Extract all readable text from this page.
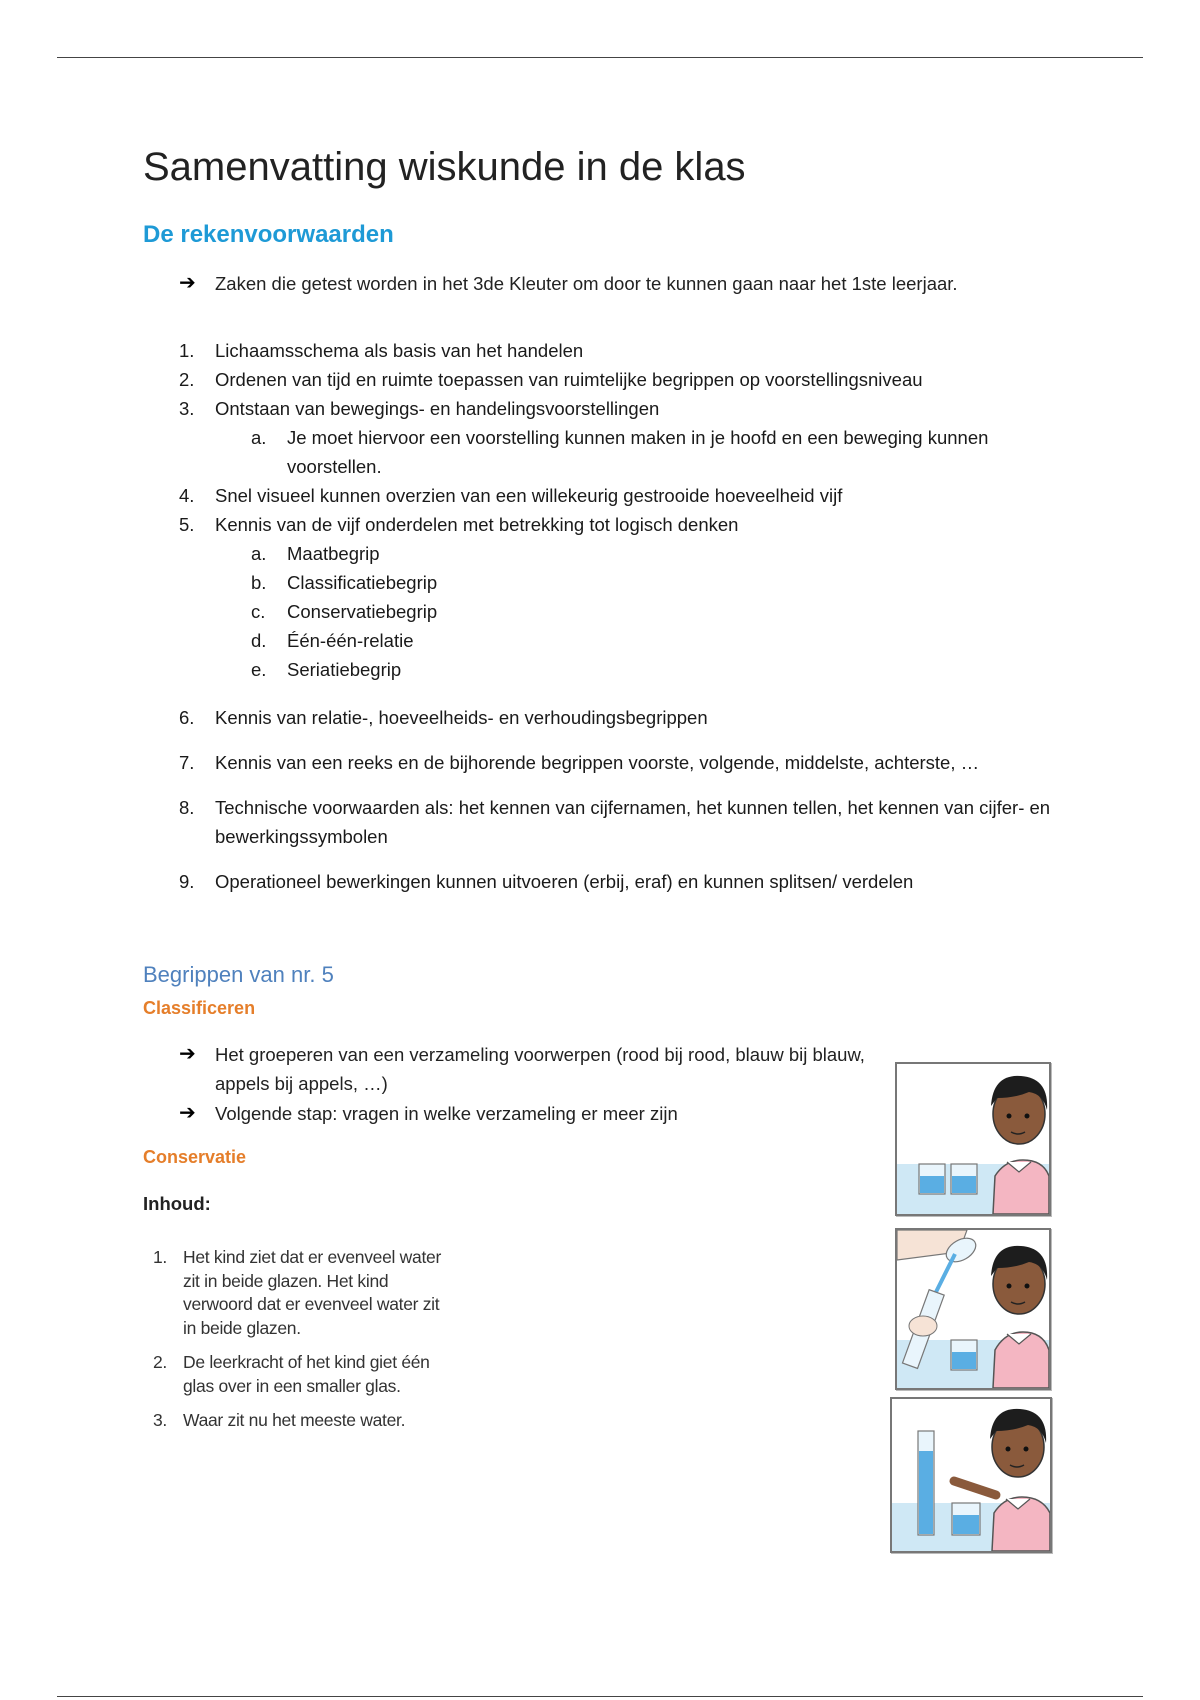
Samenvatting wiskunde in de klas
De rekenvoorwaarden
➔ Zaken die getest worden in het 3de Kleuter om door te kunnen gaan naar het 1ste leerjaar.
1. Lichaamsschema als basis van het handelen
2. Ordenen van tijd en ruimte toepassen van ruimtelijke begrippen op voorstellingsniveau
3. Ontstaan van bewegings- en handelingsvoorstellingen
a. Je moet hiervoor een voorstelling kunnen maken in je hoofd en een beweging kunnen voorstellen.
4. Snel visueel kunnen overzien van een willekeurig gestrooide hoeveelheid vijf
5. Kennis van de vijf onderdelen met betrekking tot logisch denken
a. Maatbegrip
b. Classificatiebegrip
c. Conservatiebegrip
d. Één-één-relatie
e. Seriatiebegrip
6. Kennis van relatie-, hoeveelheids- en verhoudingsbegrippen
7. Kennis van een reeks en de bijhorende begrippen voorste, volgende, middelste, achterste, …
8. Technische voorwaarden als: het kennen van cijfernamen, het kunnen tellen, het kennen van cijfer- en bewerkingssymbolen
9. Operationeel bewerkingen kunnen uitvoeren (erbij, eraf) en kunnen splitsen/ verdelen
Begrippen van nr. 5
Classificeren
➔ Het groeperen van een verzameling voorwerpen (rood bij rood, blauw bij blauw, appels bij appels, …)
➔ Volgende stap: vragen in welke verzameling er meer zijn
Conservatie

Inhoud:

1. Het kind ziet dat er evenveel water zit in beide glazen. Het kind verwoord dat er evenveel water zit in beide glazen.
2. De leerkracht of het kind giet één glas over in een smaller glas.
3. Waar zit nu het meeste water.
